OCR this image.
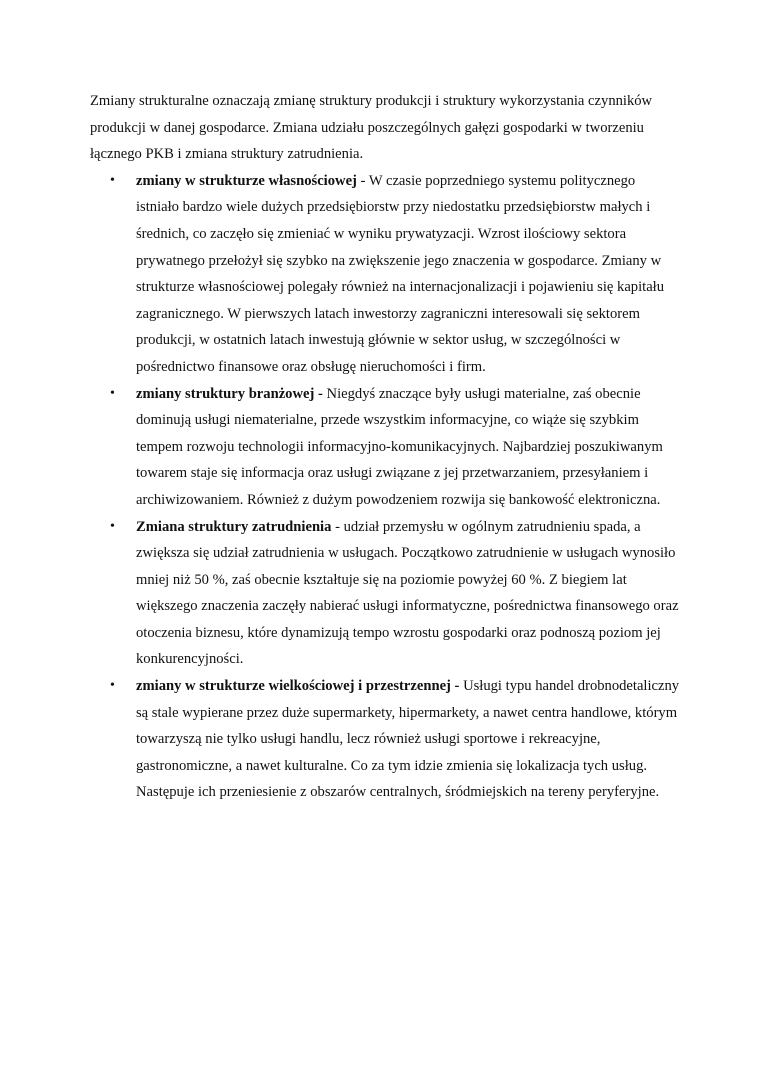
Zmiany strukturalne oznaczają zmianę struktury produkcji i struktury wykorzystania czynników produkcji w danej gospodarce. Zmiana udziału poszczególnych gałęzi gospodarki w tworzeniu łącznego PKB i zmiana struktury zatrudnienia.

• zmiany w strukturze własnościowej - W czasie poprzedniego systemu politycznego istniało bardzo wiele dużych przedsiębiorstw przy niedostatku przedsiębiorstw małych i średnich, co zaczęło się zmieniać w wyniku prywatyzacji. Wzrost ilościowy sektora prywatnego przełożył się szybko na zwiększenie jego znaczenia w gospodarce. Zmiany w strukturze własnościowej polegały również na internacjonalizacji i pojawieniu się kapitału zagranicznego. W pierwszych latach inwestorzy zagraniczni interesowali się sektorem produkcji, w ostatnich latach inwestują głównie w sektor usług, w szczególności w pośrednictwo finansowe oraz obsługę nieruchomości i firm.
• zmiany struktury branżowej - Niegdyś znaczące były usługi materialne, zaś obecnie dominują usługi niematerialne, przede wszystkim informacyjne, co wiąże się szybkim tempem rozwoju technologii informacyjno-komunikacyjnych. Najbardziej poszukiwanym towarem staje się informacja oraz usługi związane z jej przetwarzaniem, przesyłaniem i archiwizowaniem. Również z dużym powodzeniem rozwija się bankowość elektroniczna.
• Zmiana struktury zatrudnienia - udział przemysłu w ogólnym zatrudnieniu spada, a zwiększa się udział zatrudnienia w usługach. Początkowo zatrudnienie w usługach wynosiło mniej niż 50 %, zaś obecnie kształtuje się na poziomie powyżej 60 %. Z biegiem lat większego znaczenia zaczęły nabierać usługi informatyczne, pośrednictwa finansowego oraz otoczenia biznesu, które dynamizują tempo wzrostu gospodarki oraz podnoszą poziom jej konkurencyjności.
• zmiany w strukturze wielkościowej i przestrzennej - Usługi typu handel drobnodetaliczny są stale wypierane przez duże supermarkety, hipermarkety, a nawet centra handlowe, którym towarzyszą nie tylko usługi handlu, lecz również usługi sportowe i rekreacyjne, gastronomiczne, a nawet kulturalne. Co za tym idzie zmienia się lokalizacja tych usług. Następuje ich przeniesienie z obszarów centralnych, śródmiejskich na tereny peryferyjne.
